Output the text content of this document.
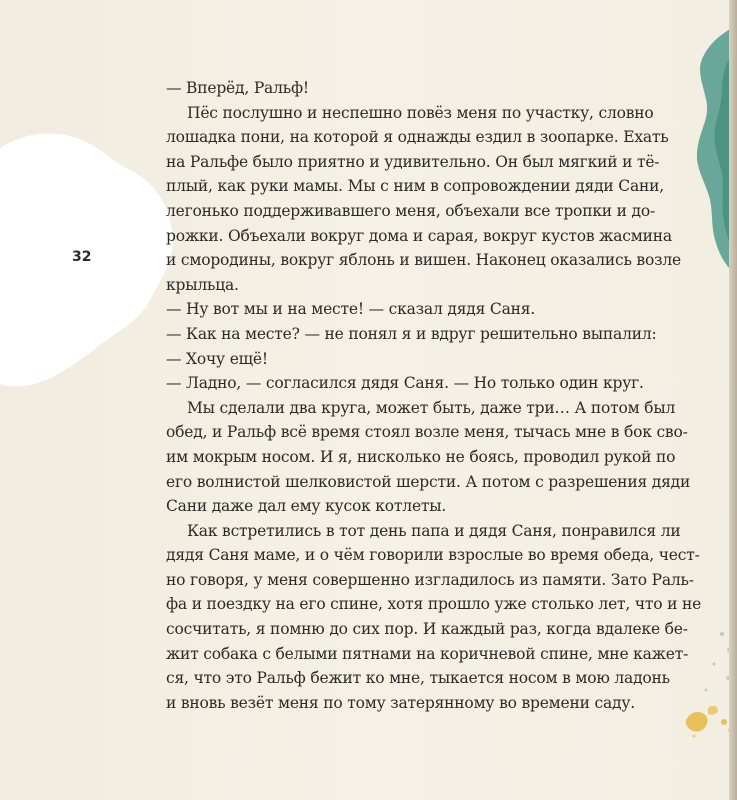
32
— Вперёд, Ральф!
Пёс послушно и неспешно повёз меня по участку, словно
лошадка пони, на которой я однажды ездил в зоопарке. Ехать
на Ральфе было приятно и удивительно. Он был мягкий и тё-
плый, как руки мамы. Мы с ним в сопровождении дяди Сани,
легонько поддерживавшего меня, объехали все тропки и до-
рожки. Объехали вокруг дома и сарая, вокруг кустов жасмина
и смородины, вокруг яблонь и вишен. Наконец оказались возле
крыльца.
— Ну вот мы и на месте! — сказал дядя Саня.
— Как на месте? — не понял я и вдруг решительно выпалил:
— Хочу ещё!
— Ладно, — согласился дядя Саня. — Но только один круг.
Мы сделали два круга, может быть, даже три… А потом был
обед, и Ральф всё время стоял возле меня, тычась мне в бок сво-
им мокрым носом. И я, нисколько не боясь, проводил рукой по
его волнистой шелковистой шерсти. А потом с разрешения дяди
Сани даже дал ему кусок котлеты.
Как встретились в тот день папа и дядя Саня, понравился ли
дядя Саня маме, и о чём говорили взрослые во время обеда, чест-
но говоря, у меня совершенно изгладилось из памяти. Зато Раль-
фа и поездку на его спине, хотя прошло уже столько лет, что и не
сосчитать, я помню до сих пор. И каждый раз, когда вдалеке бе-
жит собака с белыми пятнами на коричневой спине, мне кажет-
ся, что это Ральф бежит ко мне, тыкается носом в мою ладонь
и вновь везёт меня по тому затерянному во времени саду.
